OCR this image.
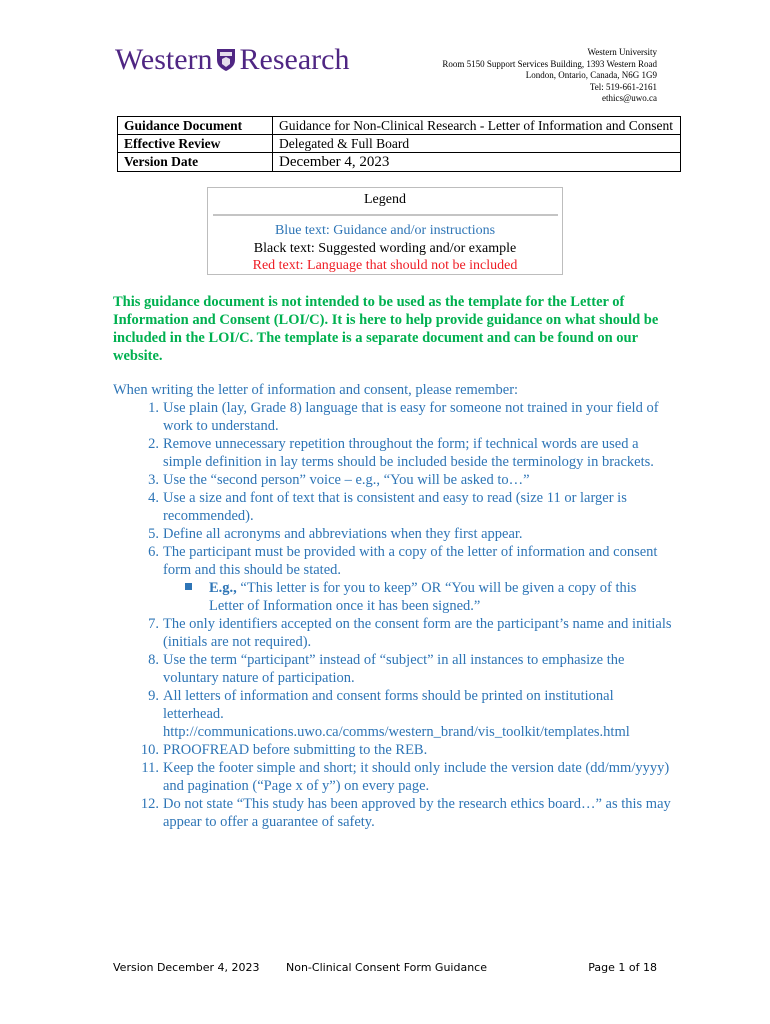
Western Research	Western University
Room 5150 Support Services Building, 1393 Western Road
London, Ontario, Canada, N6G 1G9
Tel: 519-661-2161
ethics@uwo.ca
Guidance Document	Guidance for Non-Clinical Research - Letter of Information and Consent
Effective Review	Delegated & Full Board
Version Date	December 4, 2023
Legend
Blue text: Guidance and/or instructions
Black text: Suggested wording and/or example
Red text: Language that should not be included
This guidance document is not intended to be used as the template for the Letter of Information and Consent (LOI/C). It is here to help provide guidance on what should be included in the LOI/C. The template is a separate document and can be found on our website.
When writing the letter of information and consent, please remember:
1. Use plain (lay, Grade 8) language that is easy for someone not trained in your field of work to understand.
2. Remove unnecessary repetition throughout the form; if technical words are used a simple definition in lay terms should be included beside the terminology in brackets.
3. Use the “second person” voice – e.g., “You will be asked to…”
4. Use a size and font of text that is consistent and easy to read (size 11 or larger is recommended).
5. Define all acronyms and abbreviations when they first appear.
6. The participant must be provided with a copy of the letter of information and consent form and this should be stated.
E.g., “This letter is for you to keep” OR “You will be given a copy of this Letter of Information once it has been signed.”
7. The only identifiers accepted on the consent form are the participant’s name and initials (initials are not required).
8. Use the term “participant” instead of “subject” in all instances to emphasize the voluntary nature of participation.
9. All letters of information and consent forms should be printed on institutional letterhead. http://communications.uwo.ca/comms/western_brand/vis_toolkit/templates.html
10. PROOFREAD before submitting to the REB.
11. Keep the footer simple and short; it should only include the version date (dd/mm/yyyy) and pagination (“Page x of y”) on every page.
12. Do not state “This study has been approved by the research ethics board…” as this may appear to offer a guarantee of safety.
Version December 4, 2023 Non-Clinical Consent Form Guidance	Page 1 of 18
